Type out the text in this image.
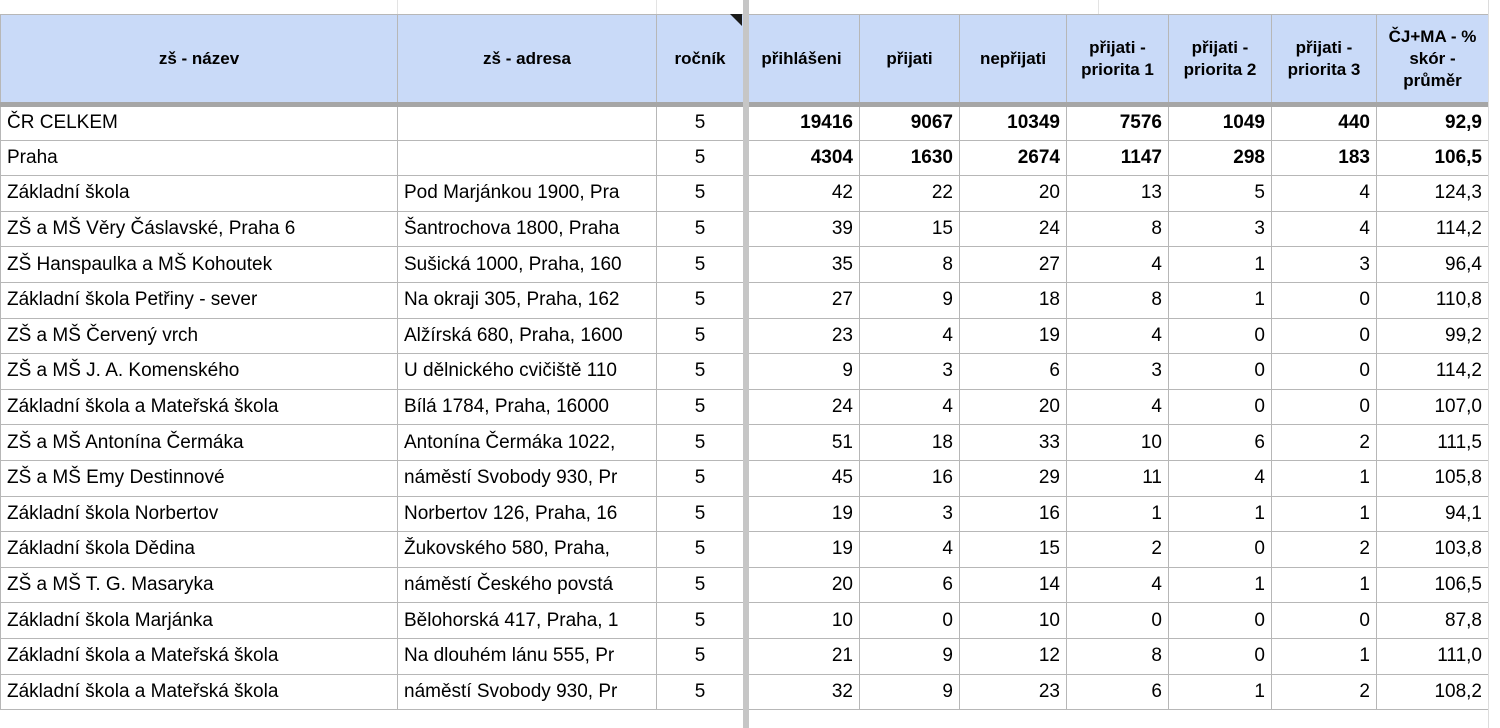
zš - název	zš - adresa	ročník	přihlášeni	přijati	nepřijati	přijati - priorita 1	přijati - priorita 2	přijati - priorita 3	ČJ+MA - % skór - průměr
ČR CELKEM		5	19416	9067	10349	7576	1049	440	92,9
Praha		5	4304	1630	2674	1147	298	183	106,5
Základní škola	Pod Marjánkou 1900, Pra	5	42	22	20	13	5	4	124,3
ZŠ a MŠ Věry Čáslavské, Praha 6	Šantrochova 1800, Praha	5	39	15	24	8	3	4	114,2
ZŠ Hanspaulka a MŠ Kohoutek	Sušická 1000, Praha, 160	5	35	8	27	4	1	3	96,4
Základní škola Petřiny - sever	Na okraji 305, Praha, 162	5	27	9	18	8	1	0	110,8
ZŠ a MŠ Červený vrch	Alžírská 680, Praha, 1600	5	23	4	19	4	0	0	99,2
ZŠ a MŠ J. A. Komenského	U dělnického cvičiště 110	5	9	3	6	3	0	0	114,2
Základní škola a Mateřská škola	Bílá 1784, Praha, 16000	5	24	4	20	4	0	0	107,0
ZŠ a MŠ Antonína Čermáka	Antonína Čermáka 1022,	5	51	18	33	10	6	2	111,5
ZŠ a MŠ Emy Destinnové	náměstí Svobody 930, Pr	5	45	16	29	11	4	1	105,8
Základní škola Norbertov	Norbertov 126, Praha, 16	5	19	3	16	1	1	1	94,1
Základní škola Dědina	Žukovského 580, Praha,	5	19	4	15	2	0	2	103,8
ZŠ a MŠ T. G. Masaryka	náměstí Českého povstá	5	20	6	14	4	1	1	106,5
Základní škola Marjánka	Bělohorská 417, Praha, 1	5	10	0	10	0	0	0	87,8
Základní škola a Mateřská škola	Na dlouhém lánu 555, Pr	5	21	9	12	8	0	1	111,0
Základní škola a Mateřská škola	náměstí Svobody 930, Pr	5	32	9	23	6	1	2	108,2
